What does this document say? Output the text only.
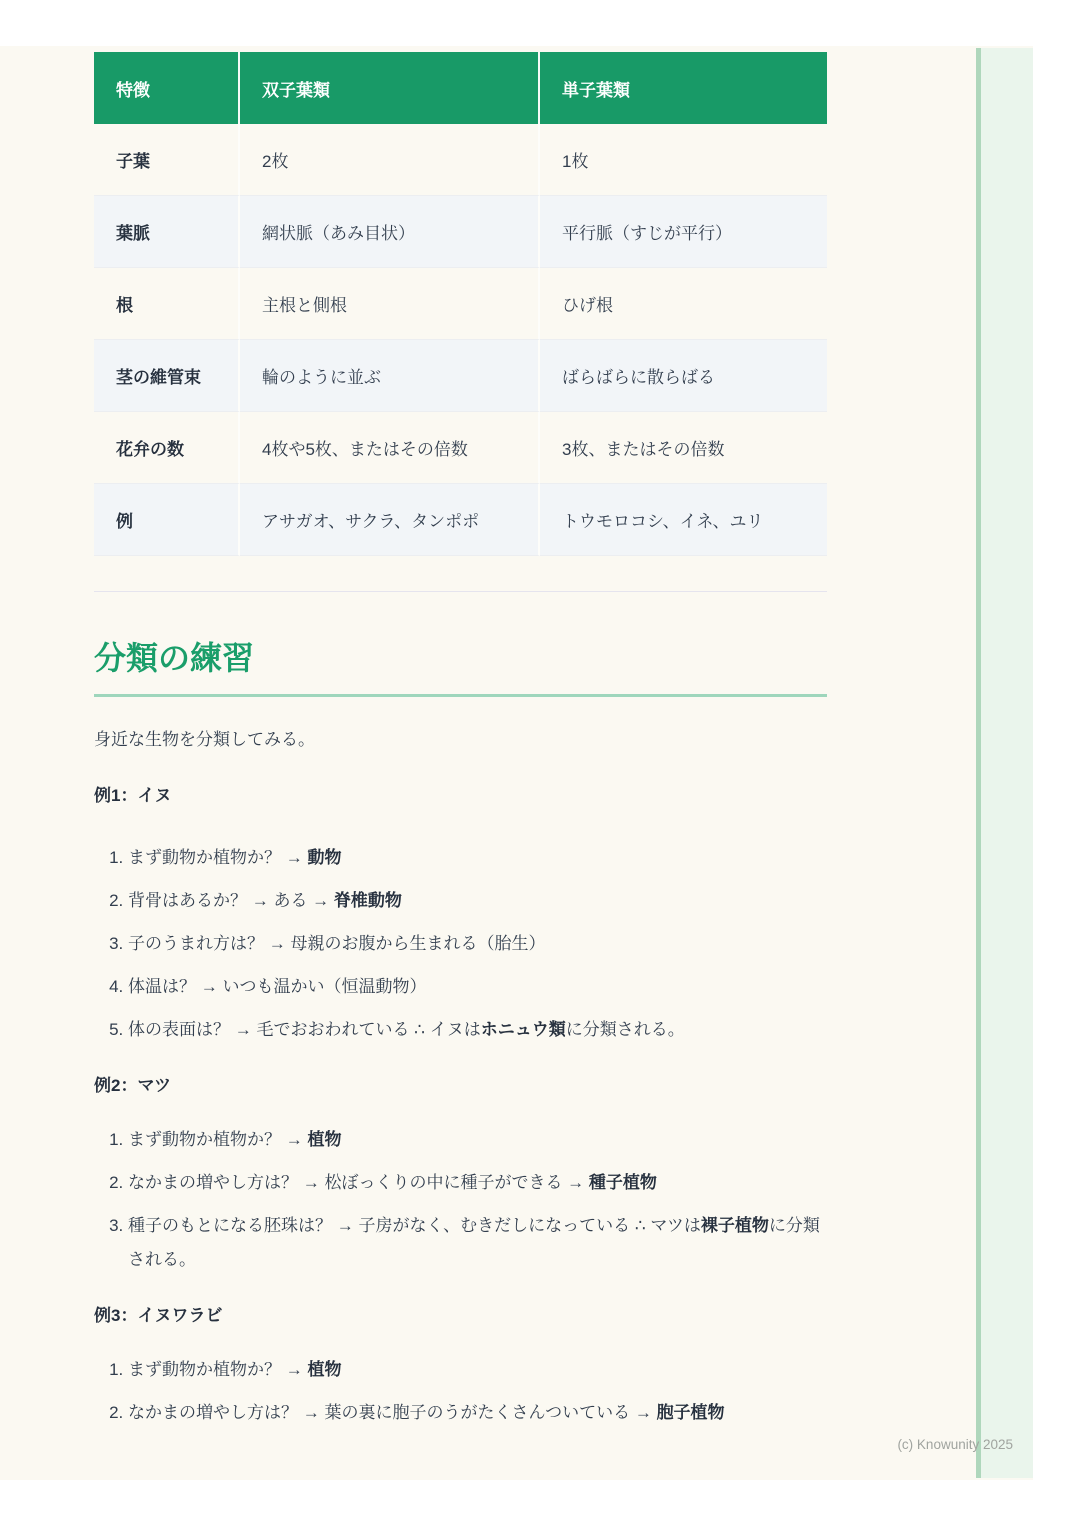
特徴	双子葉類	単子葉類
子葉	2枚	1枚
葉脈	網状脈（あみ目状）	平行脈（すじが平行）
根	主根と側根	ひげ根
茎の維管束	輪のように並ぶ	ばらばらに散らばる
花弁の数	4枚や5枚、またはその倍数	3枚、またはその倍数
例	アサガオ、サクラ、タンポポ	トウモロコシ、イネ、ユリ
分類の練習

身近な生物を分類してみる。

例1：イヌ

1. まず動物か植物か？ → 動物
2. 背骨はあるか？ → ある → 脊椎動物
3. 子のうまれ方は？ → 母親のお腹から生まれる（胎生）
4. 体温は？ → いつも温かい（恒温動物）
5. 体の表面は？ → 毛でおおわれている ∴ イヌはホニュウ類に分類される。

例2：マツ

1. まず動物か植物か？ → 植物
2. なかまの増やし方は？ → 松ぼっくりの中に種子ができる → 種子植物
3. 種子のもとになる胚珠は？ → 子房がなく、むきだしになっている ∴ マツは裸子植物に分類される。

例3：イヌワラビ

1. まず動物か植物か？ → 植物
2. なかまの増やし方は？ → 葉の裏に胞子のうがたくさんついている → 胞子植物
(c) Knowunity 2025
